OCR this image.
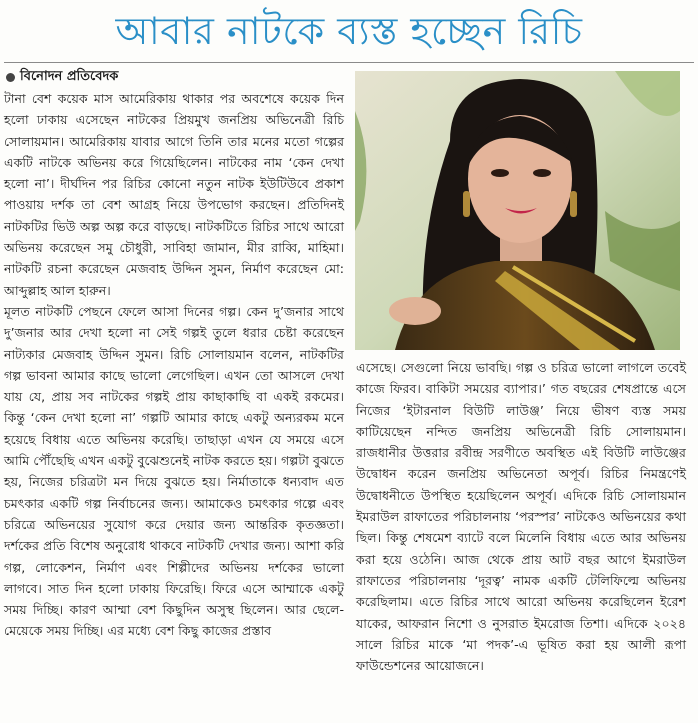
আবার নাটকে ব্যস্ত হচ্ছেন রিচি
বিনোদন প্রতিবেদক

টানা বেশ কয়েক মাস আমেরিকায় থাকার পর অবশেষে কয়েক দিন হলো ঢাকায় এসেছেন নাটকের প্রিয়মুখ জনপ্রিয় অভিনেত্রী রিচি সোলায়মান। আমেরিকায় যাবার আগে তিনি তার মনের মতো গল্পের একটি নাটকে অভিনয় করে গিয়েছিলেন। নাটকের নাম ‘কেন দেখা হলো না’। দীর্ঘদিন পর রিচির কোনো নতুন নাটক ইউটিউবে প্রকাশ পাওয়ায় দর্শক তা বেশ আগ্রহ নিয়ে উপভোগ করছেন। প্রতিদিনই নাটকটির ভিউ অল্প অল্প করে বাড়ছে। নাটকটিতে রিচির সাথে আরো অভিনয় করেছেন সমু চৌধুরী, সাবিহা জামান, মীর রাব্বি, মাহিমা। নাটকটি রচনা করেছেন মেজবাহ উদ্দিন সুমন, নির্মাণ করেছেন মো: আব্দুল্লাহ আল হারুন।

মূলত নাটকটি পেছনে ফেলে আসা দিনের গল্প। কেন দু’জনার সাথে দু’জনার আর দেখা হলো না সেই গল্পই তুলে ধরার চেষ্টা করেছেন নাট্যকার মেজবাহ উদ্দিন সুমন। রিচি সোলায়মান বলেন, নাটকটির গল্প ভাবনা আমার কাছে ভালো লেগেছিল। এখন তো আসলে দেখা যায় যে, প্রায় সব নাটকের গল্পই প্রায় কাছাকাছি বা একই রকমের। কিন্তু ‘কেন দেখা হলো না’ গল্পটি আমার কাছে একটু অন্যরকম মনে হয়েছে বিধায় এতে অভিনয় করেছি। তাছাড়া এখন যে সময়ে এসে আমি পৌঁছেছি এখন একটু বুঝেশুনেই নাটক করতে হয়। গল্পটা বুঝতে হয়, নিজের চরিত্রটা মন দিয়ে বুঝতে হয়। নির্মাতাকে ধন্যবাদ এত চমৎকার একটি গল্প নির্বাচনের জন্য। আমাকেও চমৎকার গল্পে এবং চরিত্রে অভিনয়ের সুযোগ করে দেয়ার জন্য আন্তরিক কৃতজ্ঞতা। দর্শকের প্রতি বিশেষ অনুরোধ থাকবে নাটকটি দেখার জন্য। আশা করি গল্প, লোকেশন, নির্মাণ এবং শিল্পীদের অভিনয় দর্শকের ভালো লাগবে। সাত দিন হলো ঢাকায় ফিরেছি। ফিরে এসে আম্মাকে একটু সময় দিচ্ছি। কারণ আম্মা বেশ কিছুদিন অসুস্থ ছিলেন। আর ছেলে-মেয়েকে সময় দিচ্ছি। এর মধ্যে বেশ কিছু কাজের প্রস্তাব

এসেছে। সেগুলো নিয়ে ভাবছি। গল্প ও চরিত্র ভালো লাগলে তবেই কাজে ফিরব। বাকিটা সময়ের ব্যাপার।’ গত বছরের শেষপ্রান্তে এসে নিজের ‘ইটারনাল বিউটি লাউঞ্জ’ নিয়ে ভীষণ ব্যস্ত সময় কাটিয়েছেন নন্দিত জনপ্রিয় অভিনেত্রী রিচি সোলায়মান। রাজধানীর উত্তরার রবীন্দ্র সরণীতে অবস্থিত এই বিউটি লাউঞ্জের উদ্বোধন করেন জনপ্রিয় অভিনেতা অপূর্ব। রিচির নিমন্ত্রণেই উদ্বোধনীতে উপস্থিত হয়েছিলেন অপূর্ব। এদিকে রিচি সোলায়মান ইমরাউল রাফাতের পরিচালনায় ‘পরস্পর’ নাটকেও অভিনয়ের কথা ছিল। কিন্তু শেষমেশ ব্যাটে বলে মিলেনি বিধায় এতে আর অভিনয় করা হয়ে ওঠেনি। আজ থেকে প্রায় আট বছর আগে ইমরাউল রাফাতের পরিচালনায় ‘দূরত্ব’ নামক একটি টেলিফিল্মে অভিনয় করেছিলাম। এতে রিচির সাথে আরো অভিনয় করেছিলেন ইরেশ যাকের, আফরান নিশো ও নুসরাত ইমরোজ তিশা। এদিকে ২০২৪ সালে রিচির মাকে ‘মা পদক’-এ ভূষিত করা হয় আলী রূপা ফাউন্ডেশনের আয়োজনে।
